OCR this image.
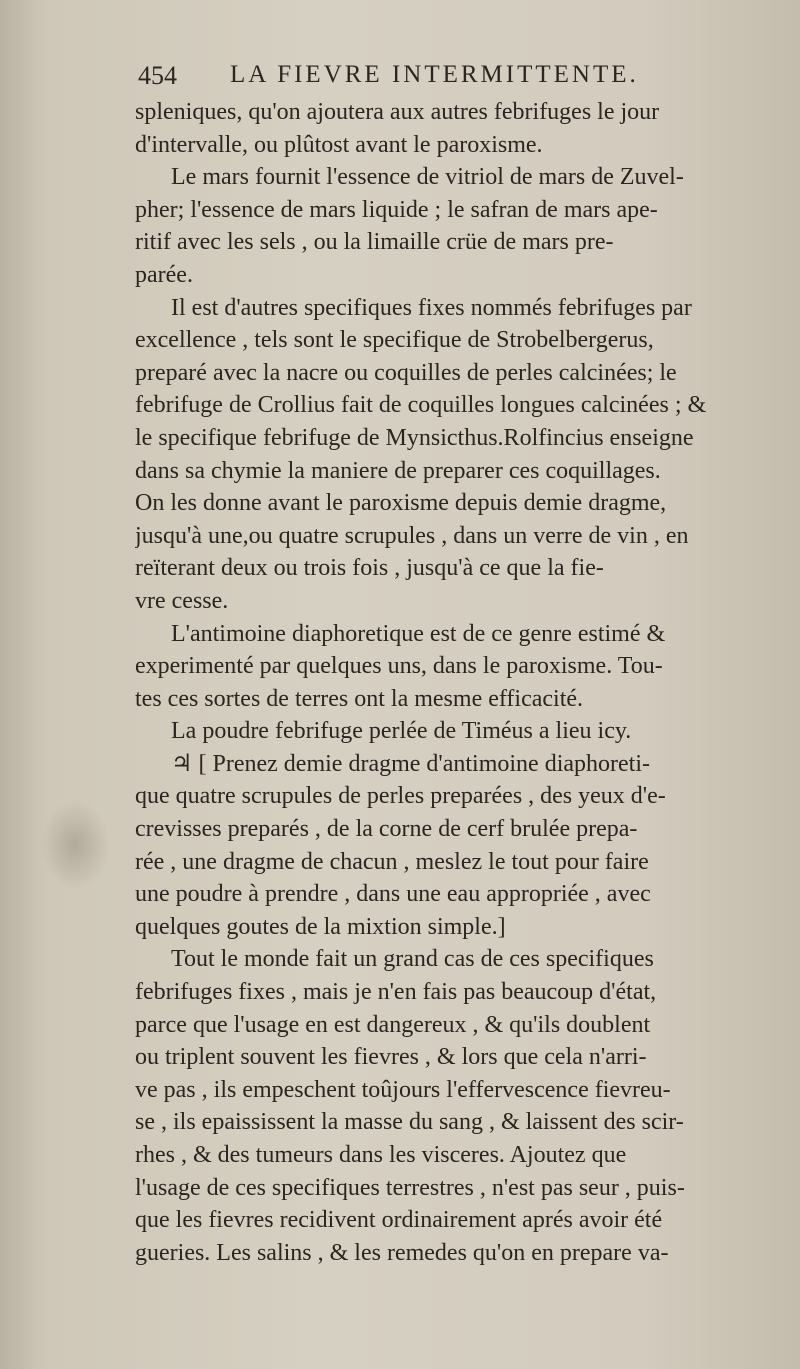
454 LA FIEVRE INTERMITTENTE.
spleniques, qu'on ajoutera aux autres febrifuges le jour
d'intervalle, ou plûtost avant le paroxisme.
Le mars fournit l'essence de vitriol de mars de Zuvel-
pher; l'essence de mars liquide ; le safran de mars ape-
ritif avec les sels , ou la limaille crüe de mars pre-
parée.
Il est d'autres specifiques fixes nommés febrifuges par
excellence , tels sont le specifique de Strobelbergerus,
preparé avec la nacre ou coquilles de perles calcinées; le
febrifuge de Crollius fait de coquilles longues calcinées ; &
le specifique febrifuge de Mynsicthus.Rolfincius enseigne
dans sa chymie la maniere de preparer ces coquillages.
On les donne avant le paroxisme depuis demie dragme,
jusqu'à une,ou quatre scrupules , dans un verre de vin , en
reïterant deux ou trois fois , jusqu'à ce que la fie-
vre cesse.
L'antimoine diaphoretique est de ce genre estimé &
experimenté par quelques uns, dans le paroxisme. Tou-
tes ces sortes de terres ont la mesme efficacité.
La poudre febrifuge perlée de Timéus a lieu icy.
♃ [ Prenez demie dragme d'antimoine diaphoreti-
que quatre scrupules de perles preparées , des yeux d'e-
crevisses preparés , de la corne de cerf brulée prepa-
rée , une dragme de chacun , meslez le tout pour faire
une poudre à prendre , dans une eau appropriée , avec
quelques goutes de la mixtion simple.]
Tout le monde fait un grand cas de ces specifiques
febrifuges fixes , mais je n'en fais pas beaucoup d'état,
parce que l'usage en est dangereux , & qu'ils doublent
ou triplent souvent les fievres , & lors que cela n'arri-
ve pas , ils empeschent toûjours l'effervescence fievreu-
se , ils epaississent la masse du sang , & laissent des scir-
rhes , & des tumeurs dans les visceres. Ajoutez que
l'usage de ces specifiques terrestres , n'est pas seur , puis-
que les fievres recidivent ordinairement aprés avoir été
gueries. Les salins , & les remedes qu'on en prepare va-
